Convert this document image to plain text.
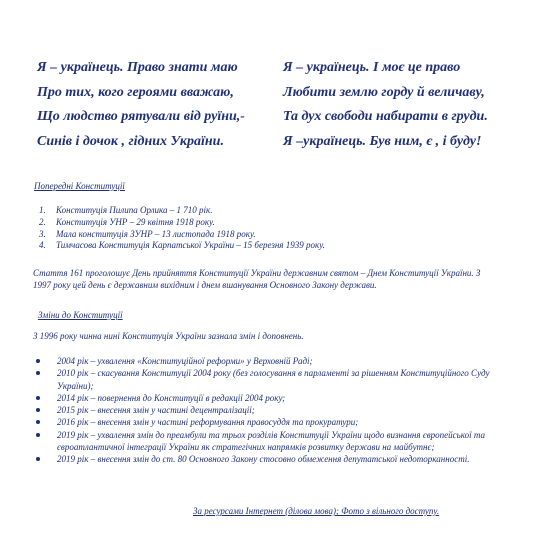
Я – українець. Право знати маю
Про тих, кого героями вважаю,
Що людство рятували від руїни,-
Синів і дочок , гідних України.
Я – українець. І моє це право
Любити землю горду й величаву,
Та дух свободи набирати в груди.
Я –українець. Був ним, є , і буду!
Попередні Конституції
1. Конституція Пилипа Орлика – 1 710 рік.
2. Конституція УНР – 29 квітня 1918 року.
3. Мала конституція ЗУНР – 13 листопада 1918 року.
4. Тимчасова Конституція Карпатської України – 15 березня 1939 року.

Стаття 161 проголошує День прийняття Конституції України державним святом – Днем Конституції України. З 1997 року цей день є державним вихідним і днем вшанування Основного Закону держави.

Зміни до Конституції
З 1996 року чинна нині Конституція України зазнала змін і доповнень.
2004 рік – ухвалення «Конституційної реформи» у Верховній Раді;
2010 рік – скасування Конституції 2004 року (без голосування в парламенті за рішенням Конституційного Суду України);
2014 рік – повернення до Конституції в редакції 2004 року;
2015 рік – внесення змін у частині децентралізації;
2016 рік – внесення змін у частині реформування правосуддя та прокуратури;
2019 рік – ухвалення змін до преамбули та трьох розділів Конституції України щодо визнання європейської та євроатлантичної інтеграції України як стратегічних напрямків розвитку держави на майбутнє;
2019 рік – внесення змін до ст. 80 Основного Закону стосовно обмеження депутатської недоторканності.
За ресурсами Інтернет (ділова мова); Фото з вільного доступу.
